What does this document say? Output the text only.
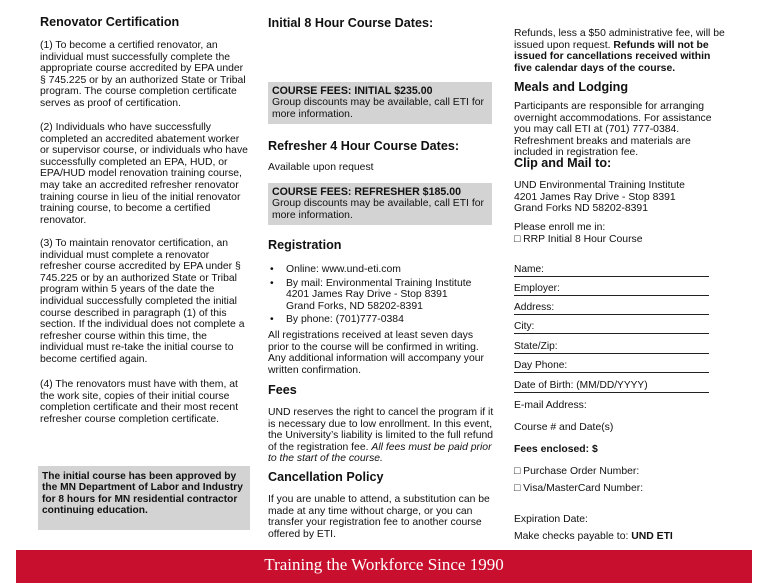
Renovator Certification

(1) To become a certified renovator, an individual must successfully complete the appropriate course accredited by EPA under § 745.225 or by an authorized State or Tribal program. The course completion certificate serves as proof of certification.

(2) Individuals who have successfully completed an accredited abatement worker or supervisor course, or individuals who have successfully completed an EPA, HUD, or EPA/HUD model renovation training course, may take an accredited refresher renovator training course in lieu of the initial renovator training course, to become a certified renovator.

(3) To maintain renovator certification, an individual must complete a renovator refresher course accredited by EPA under § 745.225 or by an authorized State or Tribal program within 5 years of the date the individual successfully completed the initial course described in paragraph (1) of this section. If the individual does not complete a refresher course within this time, the individual must re-take the initial course to become certified again.

(4) The renovators must have with them, at the work site, copies of their initial course completion certificate and their most recent refresher course completion certificate.

The initial course has been approved by the MN Department of Labor and Industry for 8 hours for MN residential contractor continuing education.

Initial 8 Hour Course Dates:
COURSE FEES: INITIAL $235.00

Group discounts may be available, call ETI for more information.

Refresher 4 Hour Course Dates:

Available upon request

COURSE FEES: REFRESHER $185.00

Group discounts may be available, call ETI for more information.

Registration
• Online: www.und-eti.com
• By mail: Environmental Training Institute
4201 James Ray Drive - Stop 8391
Grand Forks, ND 58202-8391
• By phone: (701)777-0384

All registrations received at least seven days prior to the course will be confirmed in writing. Any additional information will accompany your written confirmation.

Fees

UND reserves the right to cancel the program if it is necessary due to low enrollment. In this event, the University’s liability is limited to the full refund of the registration fee. All fees must be paid prior to the start of the course.

Cancellation Policy

If you are unable to attend, a substitution can be made at any time without charge, or you can transfer your registration fee to another course offered by ETI.

Refunds, less a $50 administrative fee, will be issued upon request. Refunds will not be issued for cancellations received within five calendar days of the course.

Meals and Lodging

Participants are responsible for arranging overnight accommodations. For assistance you may call ETI at (701) 777-0384. Refreshment breaks and materials are included in registration fee.

Clip and Mail to:

UND Environmental Training Institute
4201 James Ray Drive - Stop 8391
Grand Forks ND 58202-8391

Please enroll me in:
□ RRP Initial 8 Hour Course

Name:
Employer:
Address:
City:
State/Zip:
Day Phone:
Date of Birth: (MM/DD/YYYY)

E-mail Address:

Course # and Date(s)

Fees enclosed: $

□ Purchase Order Number:

□ Visa/MasterCard Number:

Expiration Date:

Make checks payable to: UND ETI

Training the Workforce Since 1990
